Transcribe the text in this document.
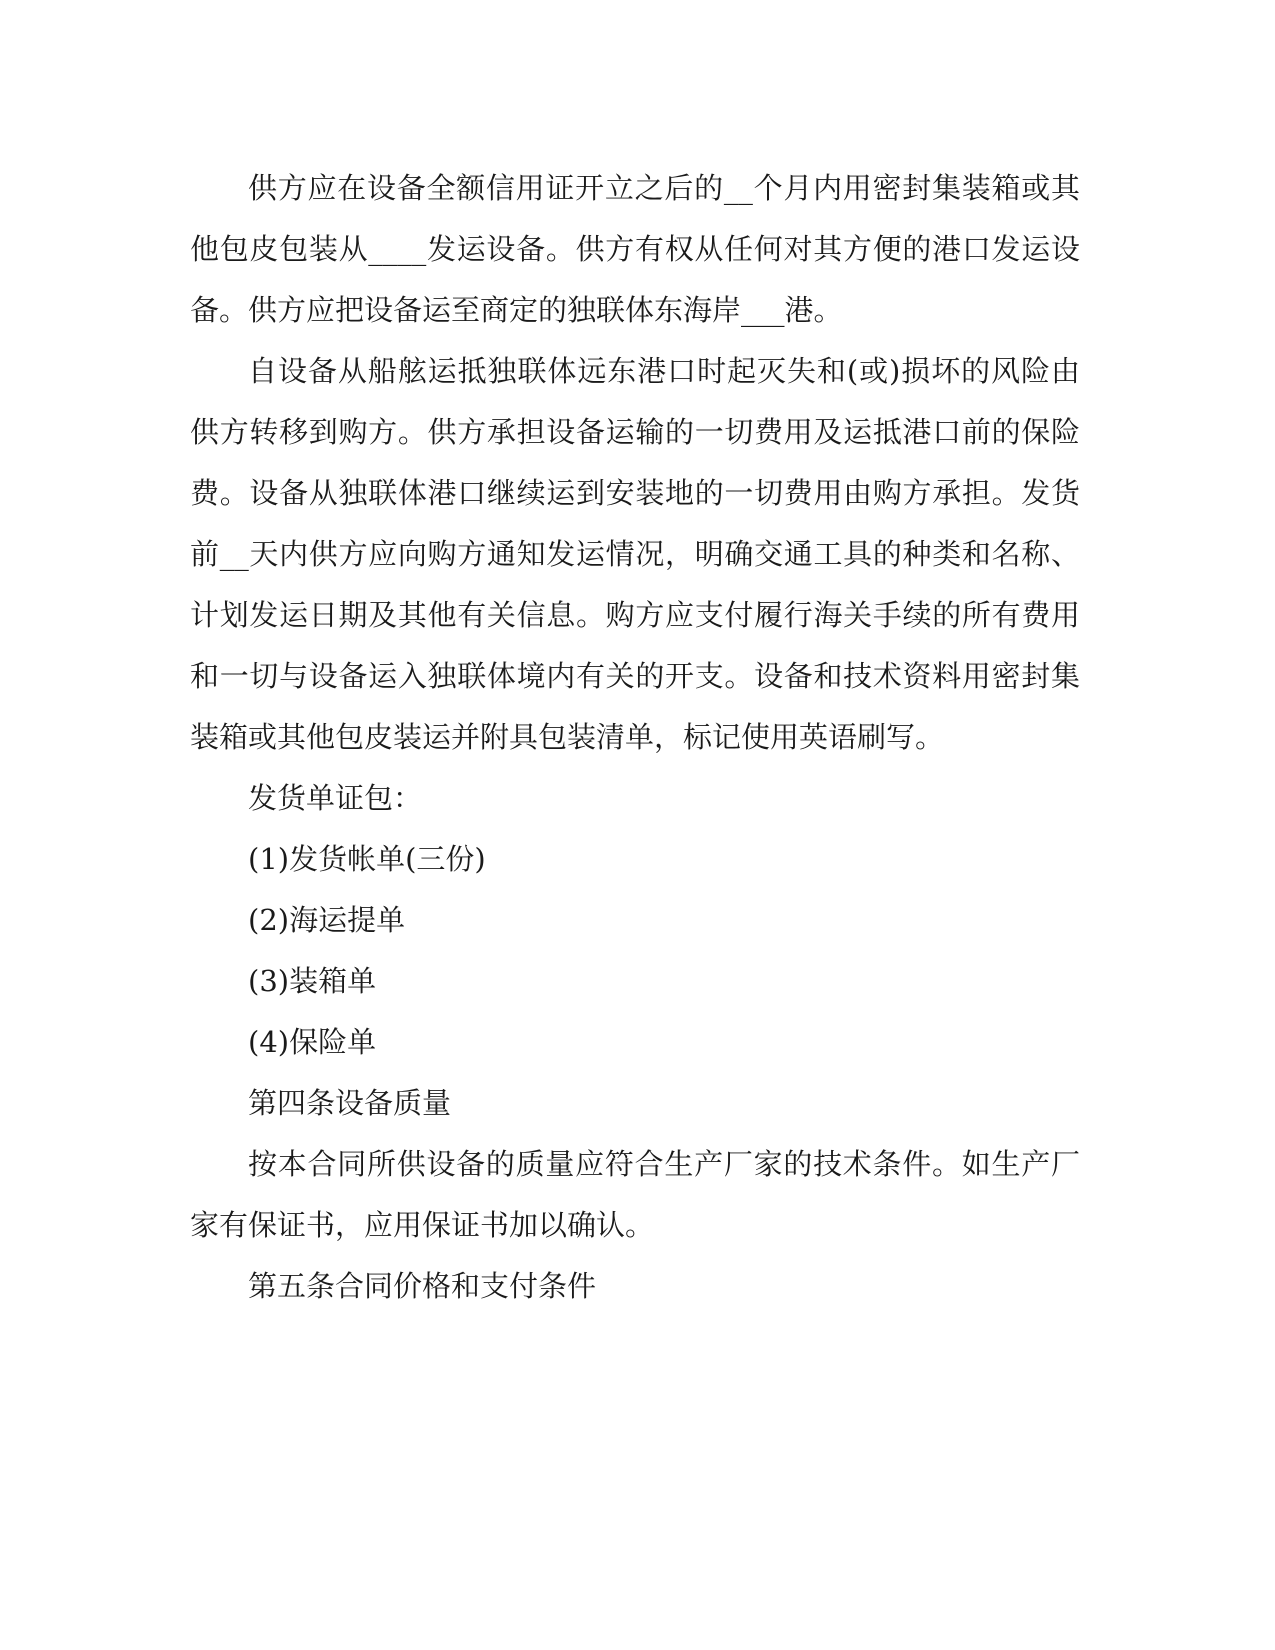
供方应在设备全额信用证开立之后的__个月内用密封集装箱或其他包皮包装从____发运设备。供方有权从任何对其方便的港口发运设备。供方应把设备运至商定的独联体东海岸___港。

自设备从船舷运抵独联体远东港口时起灭失和(或)损坏的风险由供方转移到购方。供方承担设备运输的一切费用及运抵港口前的保险费。设备从独联体港口继续运到安装地的一切费用由购方承担。发货前__天内供方应向购方通知发运情况，明确交通工具的种类和名称、计划发运日期及其他有关信息。购方应支付履行海关手续的所有费用和一切与设备运入独联体境内有关的开支。设备和技术资料用密封集装箱或其他包皮装运并附具包装清单，标记使用英语刷写。

发货单证包：

(1)发货帐单(三份)

(2)海运提单

(3)装箱单

(4)保险单

第四条设备质量

按本合同所供设备的质量应符合生产厂家的技术条件。如生产厂家有保证书，应用保证书加以确认。

第五条合同价格和支付条件
